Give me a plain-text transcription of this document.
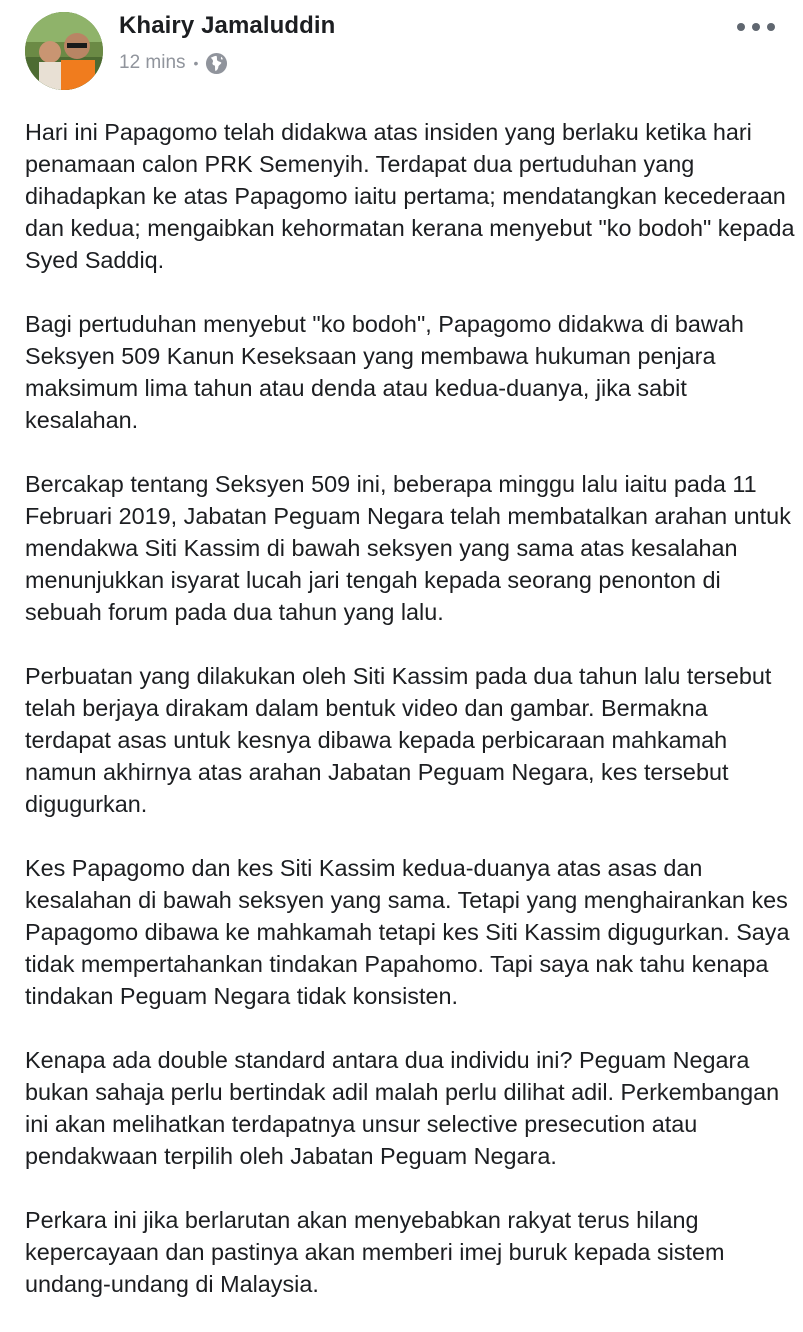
Khairy Jamaluddin
12 mins •

Hari ini Papagomo telah didakwa atas insiden yang berlaku ketika hari penamaan calon PRK Semenyih. Terdapat dua pertuduhan yang dihadapkan ke atas Papagomo iaitu pertama; mendatangkan kecederaan dan kedua; mengaibkan kehormatan kerana menyebut "ko bodoh" kepada Syed Saddiq.

Bagi pertuduhan menyebut "ko bodoh", Papagomo didakwa di bawah Seksyen 509 Kanun Keseksaan yang membawa hukuman penjara maksimum lima tahun atau denda atau kedua-duanya, jika sabit kesalahan.

Bercakap tentang Seksyen 509 ini, beberapa minggu lalu iaitu pada 11 Februari 2019, Jabatan Peguam Negara telah membatalkan arahan untuk mendakwa Siti Kassim di bawah seksyen yang sama atas kesalahan menunjukkan isyarat lucah jari tengah kepada seorang penonton di sebuah forum pada dua tahun yang lalu.

Perbuatan yang dilakukan oleh Siti Kassim pada dua tahun lalu tersebut telah berjaya dirakam dalam bentuk video dan gambar. Bermakna terdapat asas untuk kesnya dibawa kepada perbicaraan mahkamah namun akhirnya atas arahan Jabatan Peguam Negara, kes tersebut digugurkan.

Kes Papagomo dan kes Siti Kassim kedua-duanya atas asas dan kesalahan di bawah seksyen yang sama. Tetapi yang menghairankan kes Papagomo dibawa ke mahkamah tetapi kes Siti Kassim digugurkan. Saya tidak mempertahankan tindakan Papahomo. Tapi saya nak tahu kenapa tindakan Peguam Negara tidak konsisten.

Kenapa ada double standard antara dua individu ini? Peguam Negara bukan sahaja perlu bertindak adil malah perlu dilihat adil. Perkembangan ini akan melihatkan terdapatnya unsur selective presecution atau pendakwaan terpilih oleh Jabatan Peguam Negara.

Perkara ini jika berlarutan akan menyebabkan rakyat terus hilang kepercayaan dan pastinya akan memberi imej buruk kepada sistem undang-undang di Malaysia.
